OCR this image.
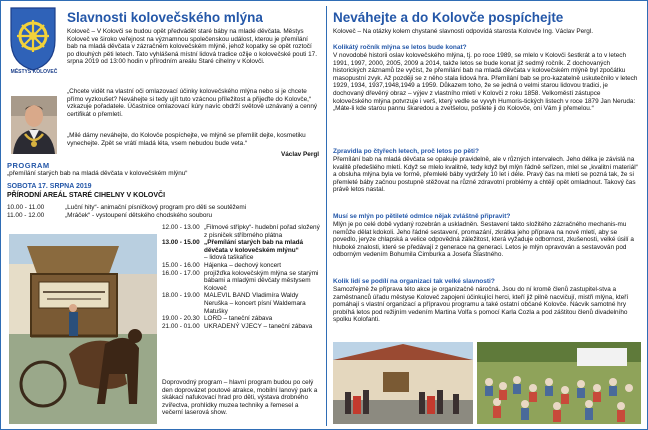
MĚSTYS KOLOVEČ
Slavnosti kolovečského mlýna
Koloveč – V Kolovči se budou opět předvádět staré báby na mladé děvčata. Městys Koloveč ve široko veřejnost na významnou společenskou událost, kterou je přemílání bab na mladá děvčata v zázračném kolovečském mlýně, jehož kopatky se opět roztočí po dlouhých pěti letech. Tato vyhlášená místní lidová tradice ožije o kolovečské pouti 17. srpna 2019 od 13:00 hodin v přírodním areálu Staré cihelny v Kolovči.
„Chcete vidět na vlastní oči omlazovací účinky kolovečského mlýna nebo si je chcete přímo vyzkoušet? Neváhejte si tedy ujít tuto vzácnou příležitost a přijeďte do Kolovče,“ vzkazuje pořadatele. Účastnice omlazovací kúry navíc obdrží světově uznávaný a cenný certifikát o přemletí.
„Milé dámy neváhejte, do Kolovče pospíchejte, ve mlýně se přemílit dejte, kosmetiku vynechejte. Zpět se vrátí mladá léta, vsem nebudou bude veta.“
Václav Pergl
PROGRAM
„přemílání starých bab na mladá děvčata v kolovečském mlýnu“
SOBOTA 17. SRPNA 2019
PŘÍRODNÍ AREÁL STARÉ CIHELNY V KOLOVČI
10.00 - 11.00	„Luční hity“- animační písničkový program pro děti se soutěžemi
11.00 - 12.00	„Mráček“ - vystoupení dětského chodského souboru
12.00 - 13.00 „Filmové střípky“- hudební pořad složený z písniček stříbrného plátna
13.00 - 15.00 „Přemílání starých bab na mladá děvčata v kolovečském mlýnu“
– lidová taškařice
15.00 - 16.00 Hájenka – dechový koncert
16.00 - 17.00 projížďka kolovečským mlýna se starými bábami a mladými děvčaty městysem Koloveč
18.00 - 19.00 MALEVIL BAND Vladimíra Waldy Neruška – koncert písní Waldemara Matušky
19.00 - 20.30 LORD – taneční zábava
21.00 - 01.00 UKRADENÝ VJECY – taneční zábava
Doprovodný program – hlavní program budou po celý den doprovázet poutové atrakce, mobilní lanový park a skákací nafukovací hrad pro děti, výstava drobného zvířectva, prohlídky muzea techniky a řemesel a večerní laserová show.
Neváhejte a do Kolovče pospíchejte
Koloveč – Na otázky kolem chystané slavnosti odpovídá starosta Kolovče Ing. Václav Pergl.
Kolikátý ročník mlýna se letos bude konat?
V novodobé historii oslav kolovečského mlýna, tj. po roce 1989, se mlelo v Kolovči šestkrát a to v letech 1991, 1997, 2000, 2005, 2009 a 2014, takže letos se bude konat již sedmý ročník. Z dochovaných historických záznamů lze vyčíst, že přemílání bab na mladá děvčata v kolovečském mlýně byl zpočátku masopustní zvyk. Až později se z něho stala lidová hra. Přemílání bab se pro-kazatelně uskutečnilo v letech 1929, 1934, 1937,1948,1949 a 1959. Důkazem toho, že se jedná o velmi starou lidovou tradici, je dochovaný dřevěný obraz – výjev z vlastního mletí v Kolovči z roku 1858. Velkoměstí zástupce kolovečského mlýna potvrzuje i verš, který vedle se vyvyh Humoris-tických listech v roce 1879 Jan Neruda: „Máte-li kde starou pannu škaredou a zvetšelou, pošlete ji do Kolovče, oni Vám ji přemelou.“
Zpravidla po čtyřech letech, proč letos po pěti?
Přemílání bab na mladá děvčata se opakuje pravidelně, ale v různých intervalech. Jeho délka je závislá na kvalitě předešlého mletí. Když se mlelo kvalitně, tedy když byl mlýn řádně seřízen, mlel se „kvalitní materiál“ a obsluha mlýna byla ve formě, přemlelé báby vydržely 10 let i déle. Pravý čas na mletí se pozná tak, že si přemleté báby začnou postupně stěžovat na různé zdravotní problémy a chtějí opět omladnout. Takový čas právě letos nastal.
Musí se mlýn po pětileté odmlce nějak zvláštně připravit?
Mlýn je po celé době vydaný rozebrán a uskladněn. Sestavení takto složitého zázračného mechanis-mu nemůže dělat kdokoli. Jeho řádné sestavení, promazání, zkrátka jeho příprava na nové mletí, aby se povedlo, jeryze chlapská a velice odpovědná záležitost, která vyžaduje odbornost, zkušenosti, velké úsilí a hluboké znalosti, které se předávají z generace na generaci. Letos je mlýn opravován a sestavován pod odborným vedením Bohumila Cimburka a Josefa Šlastného.
Kolik lidí se podílí na organizaci tak velké slavnosti?
Samozřejmě že příprava této akce je organizačně náročná. Jsou do ní kromě členů zastupitel-stva a zaměstnanců úřadu městyse Koloveč zapojeni účinkující herci, kteří již pilně nacvičují, mistři mlýna, kteří pomáhají s vlastní organizací a přípravou programu a také ostatní občané Kolovče. Nácvik samotné hry probíhá letos pod režijním vedením Martina Volfa s pomocí Karla Cozla a pod záštitou členů divadelního spolku Kolofanti.
